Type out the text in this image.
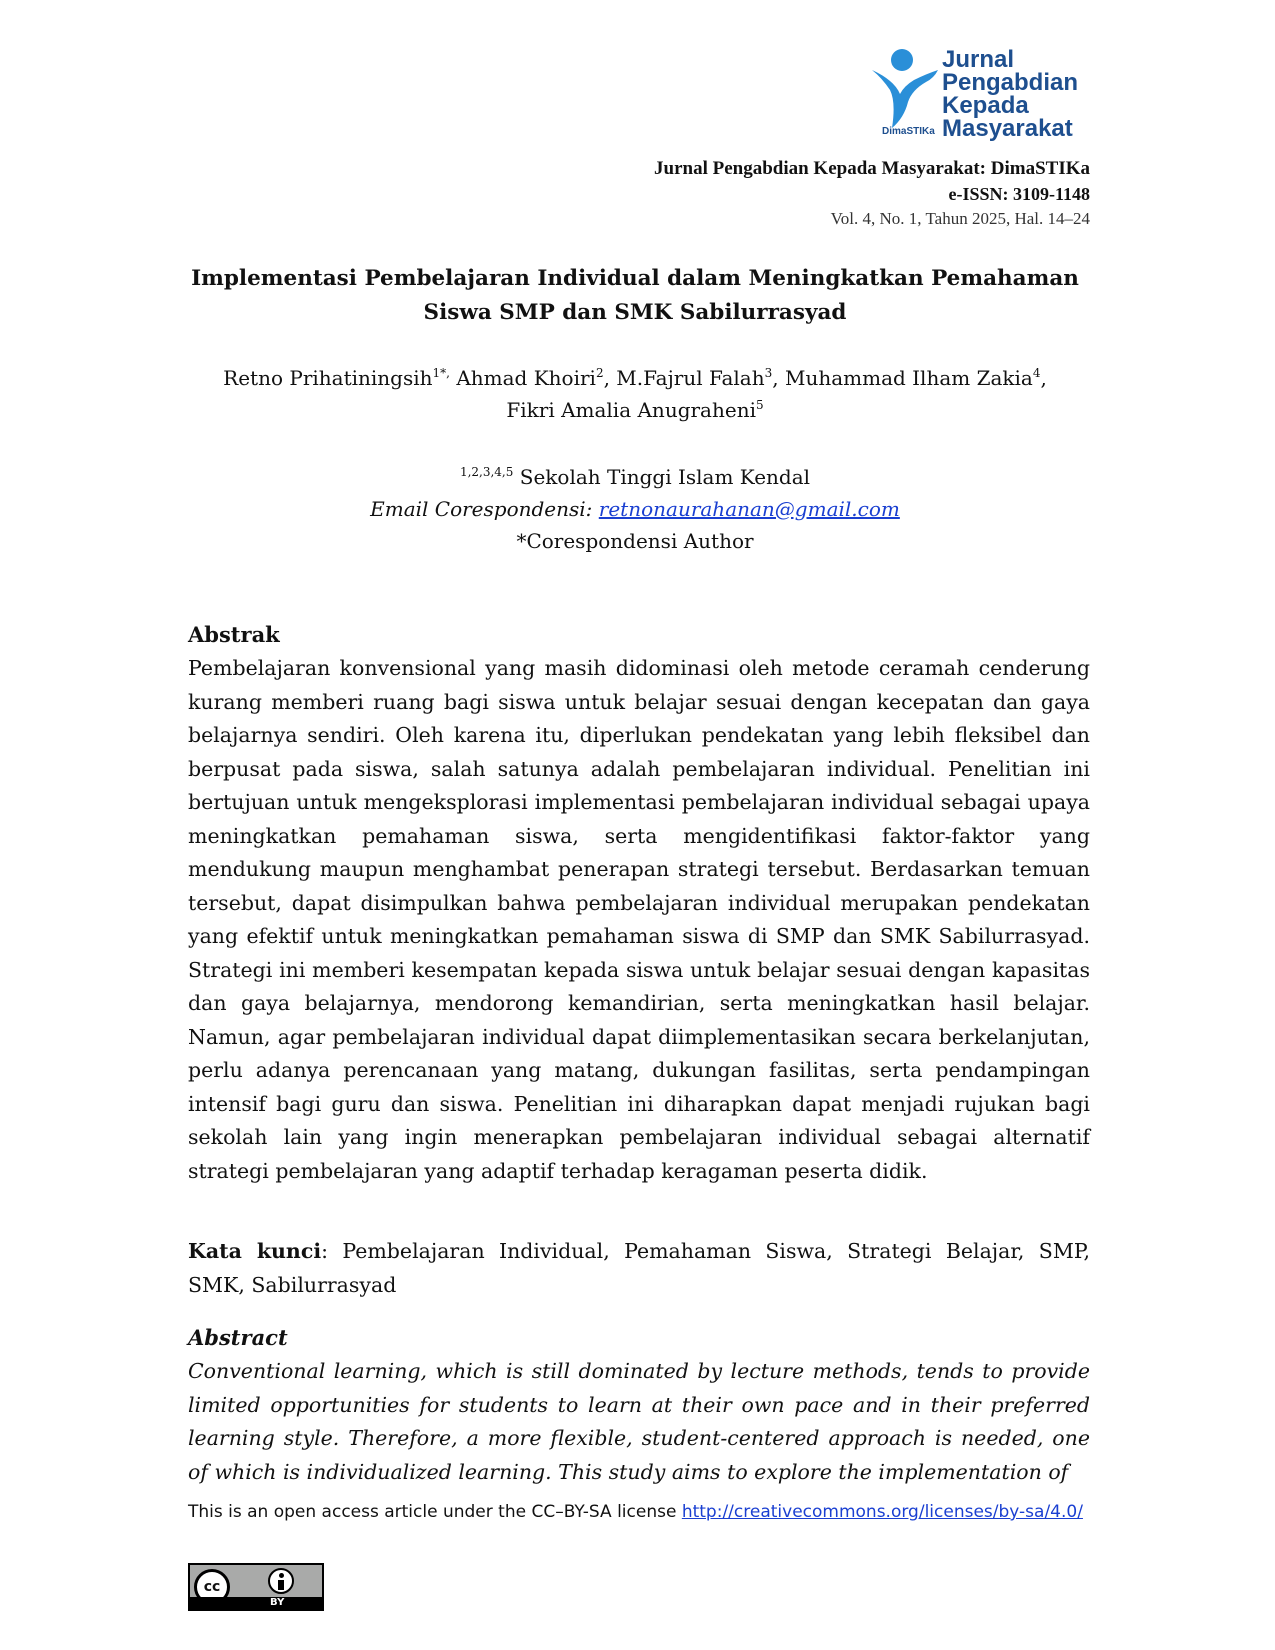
Jurnal
Pengabdian
Kepada
Masyarakat
DimaSTIKa
Jurnal Pengabdian Kepada Masyarakat: DimaSTIKa
e-ISSN: 3109-1148
Vol. 4, No. 1, Tahun 2025, Hal. 14–24
Implementasi Pembelajaran Individual dalam Meningkatkan Pemahaman
Siswa SMP dan SMK Sabilurrasyad
Retno Prihatiningsih$^{1*,}$ Ahmad Khoiri$^2$, M.Fajrul Falah$^3$, Muhammad Ilham Zakia$^4$,
Fikri Amalia Anugraheni$^5$
$^{1,2,3,4,5}$ Sekolah Tinggi Islam Kendal
Email Corespondensi: retnonaurahanan@gmail.com
*Corespondensi Author
Abstrak
Pembelajaran konvensional yang masih didominasi oleh metode ceramah cenderung kurang memberi ruang bagi siswa untuk belajar sesuai dengan kecepatan dan gaya belajarnya sendiri. Oleh karena itu, diperlukan pendekatan yang lebih fleksibel dan berpusat pada siswa, salah satunya adalah pembelajaran individual. Penelitian ini bertujuan untuk mengeksplorasi implementasi pembelajaran individual sebagai upaya meningkatkan pemahaman siswa, serta mengidentifikasi faktor-faktor yang mendukung maupun menghambat penerapan strategi tersebut. Berdasarkan temuan tersebut, dapat disimpulkan bahwa pembelajaran individual merupakan pendekatan yang efektif untuk meningkatkan pemahaman siswa di SMP dan SMK Sabilurrasyad. Strategi ini memberi kesempatan kepada siswa untuk belajar sesuai dengan kapasitas dan gaya belajarnya, mendorong kemandirian, serta meningkatkan hasil belajar. Namun, agar pembelajaran individual dapat diimplementasikan secara berkelanjutan, perlu adanya perencanaan yang matang, dukungan fasilitas, serta pendampingan intensif bagi guru dan siswa. Penelitian ini diharapkan dapat menjadi rujukan bagi sekolah lain yang ingin menerapkan pembelajaran individual sebagai alternatif strategi pembelajaran yang adaptif terhadap keragaman peserta didik.
Kata kunci: Pembelajaran Individual, Pemahaman Siswa, Strategi Belajar, SMP, SMK, Sabilurrasyad
Abstract
Conventional learning, which is still dominated by lecture methods, tends to provide limited opportunities for students to learn at their own pace and in their preferred learning style. Therefore, a more flexible, student-centered approach is needed, one of which is individualized learning. This study aims to explore the implementation of
This is an open access article under the CC–BY-SA license http://creativecommons.org/licenses/by-sa/4.0/
cc
BY
